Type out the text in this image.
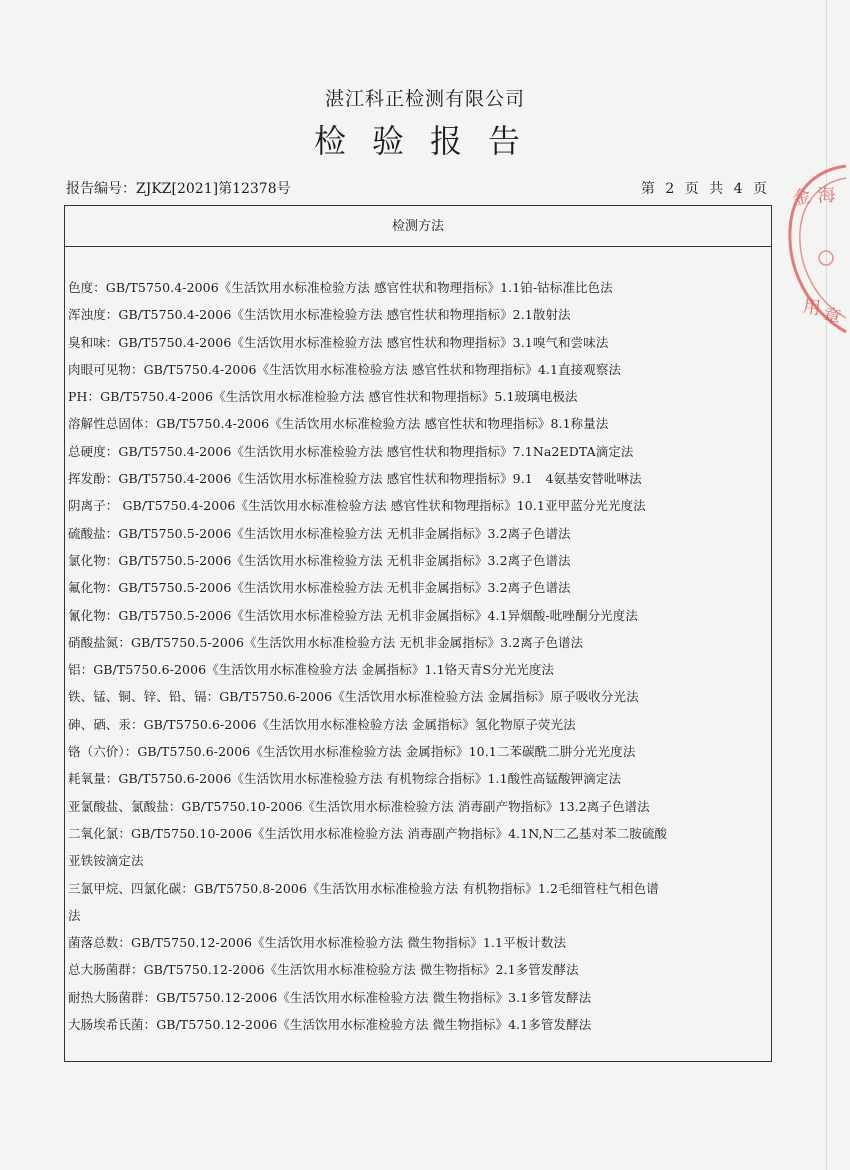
湛江科正检测有限公司
检验报告
报告编号：ZJKZ[2021]第12378号	第 2 页 共 4 页
检测方法

色度：GB/T5750.4-2006《生活饮用水标准检验方法 感官性状和物理指标》1.1铂-钴标准比色法

浑浊度：GB/T5750.4-2006《生活饮用水标准检验方法 感官性状和物理指标》2.1散射法

臭和味：GB/T5750.4-2006《生活饮用水标准检验方法 感官性状和物理指标》3.1嗅气和尝味法

肉眼可见物：GB/T5750.4-2006《生活饮用水标准检验方法 感官性状和物理指标》4.1直接观察法

PH：GB/T5750.4-2006《生活饮用水标准检验方法 感官性状和物理指标》5.1玻璃电极法

溶解性总固体：GB/T5750.4-2006《生活饮用水标准检验方法 感官性状和物理指标》8.1称量法

总硬度：GB/T5750.4-2006《生活饮用水标准检验方法 感官性状和物理指标》7.1Na2EDTA滴定法

挥发酚：GB/T5750.4-2006《生活饮用水标准检验方法 感官性状和物理指标》9.1　4氨基安替吡啉法

阴离子： GB/T5750.4-2006《生活饮用水标准检验方法 感官性状和物理指标》10.1亚甲蓝分光光度法

硫酸盐：GB/T5750.5-2006《生活饮用水标准检验方法 无机非金属指标》3.2离子色谱法

氯化物：GB/T5750.5-2006《生活饮用水标准检验方法 无机非金属指标》3.2离子色谱法

氟化物：GB/T5750.5-2006《生活饮用水标准检验方法 无机非金属指标》3.2离子色谱法

氰化物：GB/T5750.5-2006《生活饮用水标准检验方法 无机非金属指标》4.1异烟酸-吡唑酮分光度法

硝酸盐氮：GB/T5750.5-2006《生活饮用水标准检验方法 无机非金属指标》3.2离子色谱法

铝：GB/T5750.6-2006《生活饮用水标准检验方法 金属指标》1.1铬天青S分光光度法

铁、锰、铜、锌、铅、镉：GB/T5750.6-2006《生活饮用水标准检验方法 金属指标》原子吸收分光法

砷、硒、汞：GB/T5750.6-2006《生活饮用水标准检验方法 金属指标》氢化物原子荧光法

铬（六价）：GB/T5750.6-2006《生活饮用水标准检验方法 金属指标》10.1二苯碳酰二肼分光光度法

耗氧量：GB/T5750.6-2006《生活饮用水标准检验方法 有机物综合指标》1.1酸性高锰酸钾滴定法

亚氯酸盐、氯酸盐：GB/T5750.10-2006《生活饮用水标准检验方法 消毒副产物指标》13.2离子色谱法

二氧化氯：GB/T5750.10-2006《生活饮用水标准检验方法 消毒副产物指标》4.1N,N二乙基对苯二胺硫酸

亚铁铵滴定法

三氯甲烷、四氯化碳：GB/T5750.8-2006《生活饮用水标准检验方法 有机物指标》1.2毛细管柱气相色谱

法

菌落总数：GB/T5750.12-2006《生活饮用水标准检验方法 微生物指标》1.1平板计数法

总大肠菌群：GB/T5750.12-2006《生活饮用水标准检验方法 微生物指标》2.1多管发酵法

耐热大肠菌群：GB/T5750.12-2006《生活饮用水标准检验方法 微生物指标》3.1多管发酵法

大肠埃希氏菌：GB/T5750.12-2006《生活饮用水标准检验方法 微生物指标》4.1多管发酵法

金 海
用
章
